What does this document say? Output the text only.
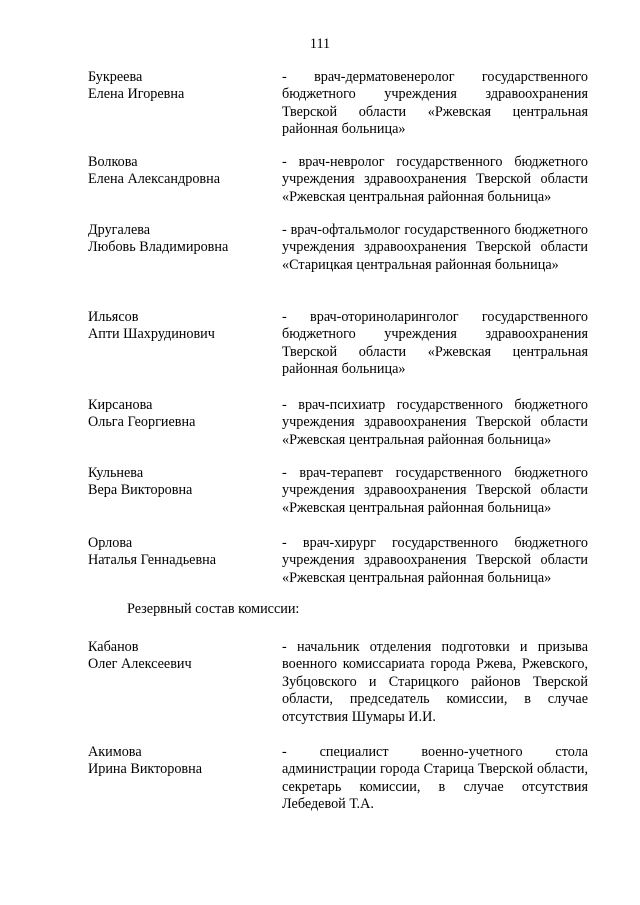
111
Букреева
Елена Игоревна
- врач-дерматовенеролог государственного бюджетного учреждения здравоохранения Тверской области «Ржевская центральная районная больница»
Волкова
Елена Александровна
- врач-невролог государственного бюджетного учреждения здравоохранения Тверской области «Ржевская центральная районная больница»
Другалева
Любовь Владимировна
- врач-офтальмолог государственного бюджетного учреждения здравоохранения Тверской области «Старицкая центральная районная больница»
Ильясов
Апти Шахрудинович
- врач-оториноларинголог государственного бюджетного учреждения здравоохранения Тверской области «Ржевская центральная районная больница»
Кирсанова
Ольга Георгиевна
- врач-психиатр государственного бюджетного учреждения здравоохранения Тверской области «Ржевская центральная районная больница»
Кульнева
Вера Викторовна
- врач-терапевт государственного бюджетного учреждения здравоохранения Тверской области «Ржевская центральная районная больница»
Орлова
Наталья Геннадьевна
- врач-хирург государственного бюджетного учреждения здравоохранения Тверской области «Ржевская центральная районная больница»
Резервный состав комиссии:
Кабанов
Олег Алексеевич
- начальник отделения подготовки и призыва военного комиссариата города Ржева, Ржевского, Зубцовского и Старицкого районов Тверской области, председатель комиссии, в случае отсутствия Шумары И.И.
Акимова
Ирина Викторовна
- специалист военно-учетного стола администрации города Старица Тверской области, секретарь комиссии, в случае отсутствия Лебедевой Т.А.
